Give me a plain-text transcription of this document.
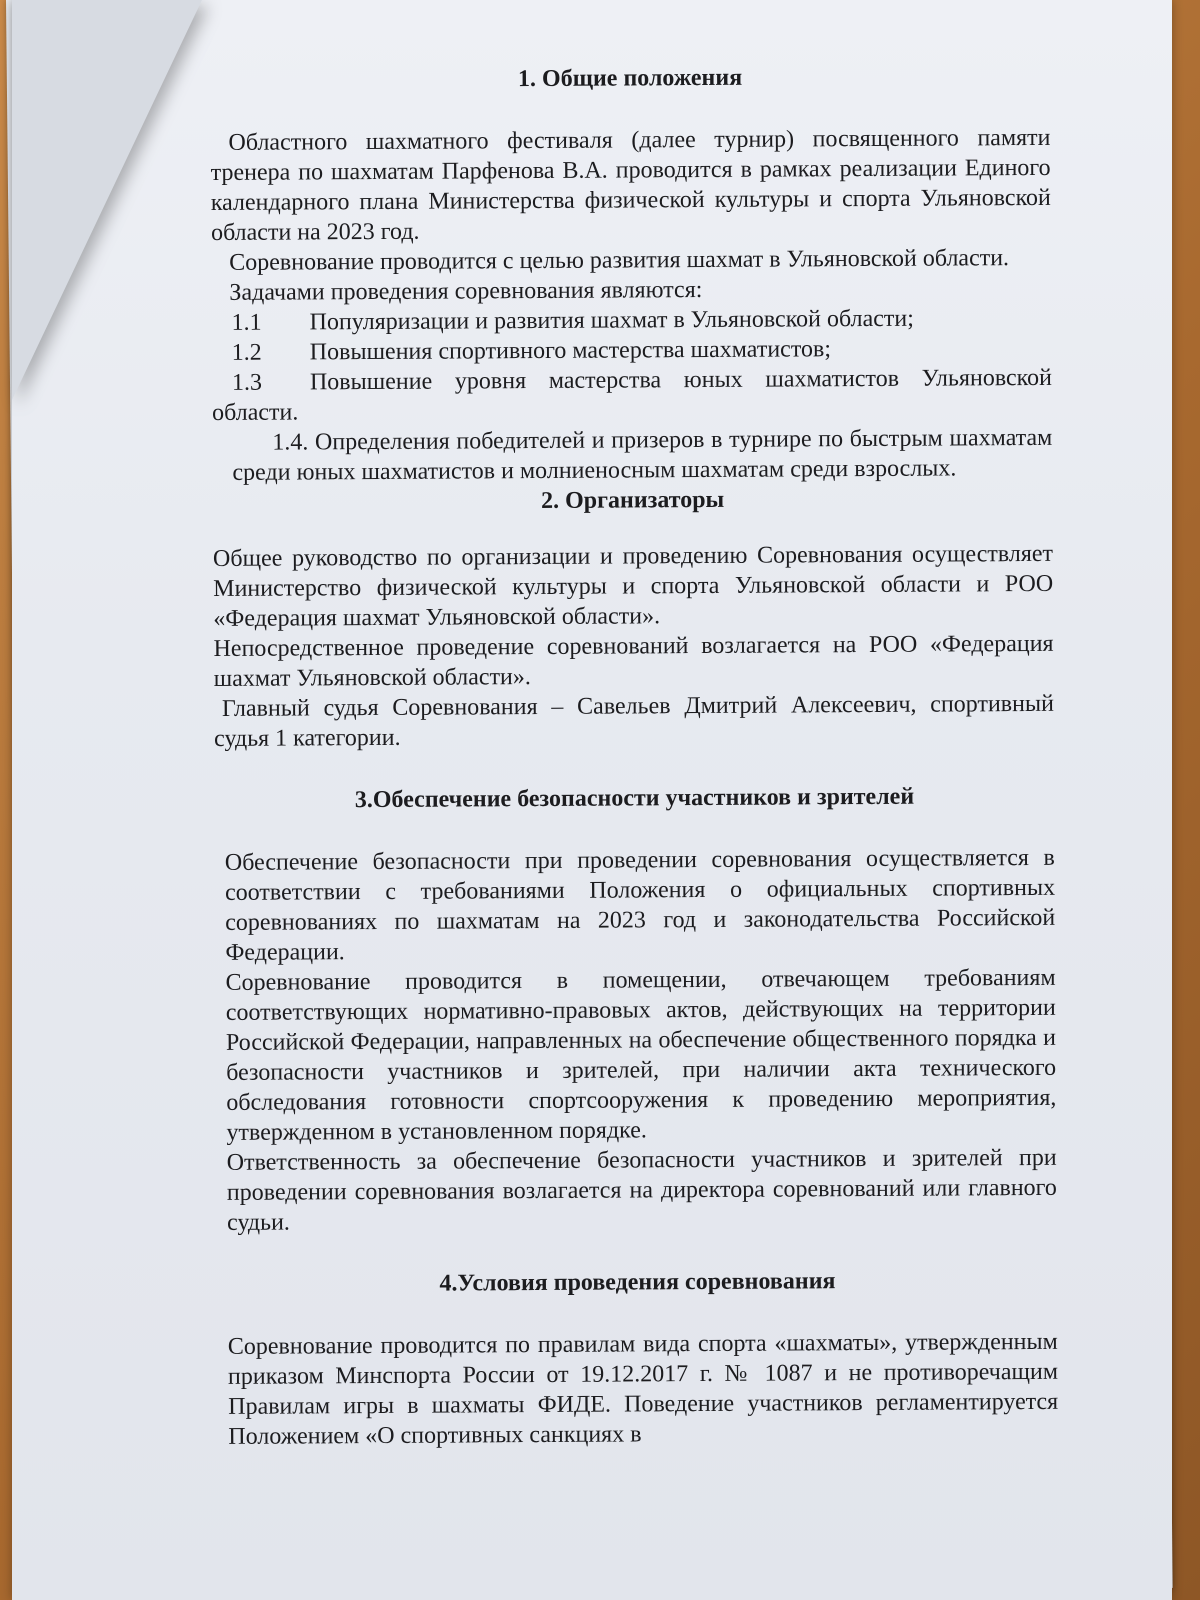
1. Общие положения

Областного шахматного фестиваля (далее турнир) посвященного памяти тренера по шахматам Парфенова В.А. проводится в рамках реализации Единого календарного плана Министерства физической культуры и спорта Ульяновской области на 2023 год.

Соревнование проводится с целью развития шахмат в Ульяновской области.

Задачами проведения соревнования являются:

1.1	Популяризации и развития шахмат в Ульяновской области;
1.2	Повышения спортивного мастерства шахматистов;

1.3 Повышение уровня мастерства юных шахматистов Ульяновской области.

1.4. Определения победителей и призеров в турнире по быстрым шахматам среди юных шахматистов и молниеносным шахматам среди взрослых.

2. Организаторы

Общее руководство по организации и проведению Соревнования осуществляет Министерство физической культуры и спорта Ульяновской области и РОО «Федерация шахмат Ульяновской области».

Непосредственное проведение соревнований возлагается на РОО «Федерация шахмат Ульяновской области».

Главный судья Соревнования – Савельев Дмитрий Алексеевич, спортивный судья 1 категории.

3.Обеспечение безопасности участников и зрителей

Обеспечение безопасности при проведении соревнования осуществляется в соответствии с требованиями Положения о официальных спортивных соревнованиях по шахматам на 2023 год и законодательства Российской Федерации.

Соревнование проводится в помещении, отвечающем требованиям соответствующих нормативно-правовых актов, действующих на территории Российской Федерации, направленных на обеспечение общественного порядка и безопасности участников и зрителей, при наличии акта технического обследования готовности спортсооружения к проведению мероприятия, утвержденном в установленном порядке.

Ответственность за обеспечение безопасности участников и зрителей при проведении соревнования возлагается на директора соревнований или главного судьи.

4.Условия проведения соревнования

Соревнование проводится по правилам вида спорта «шахматы», утвержденным приказом Минспорта России от 19.12.2017 г. № 1087 и не противоречащим Правилам игры в шахматы ФИДЕ. Поведение участников регламентируется Положением «О спортивных санкциях в
